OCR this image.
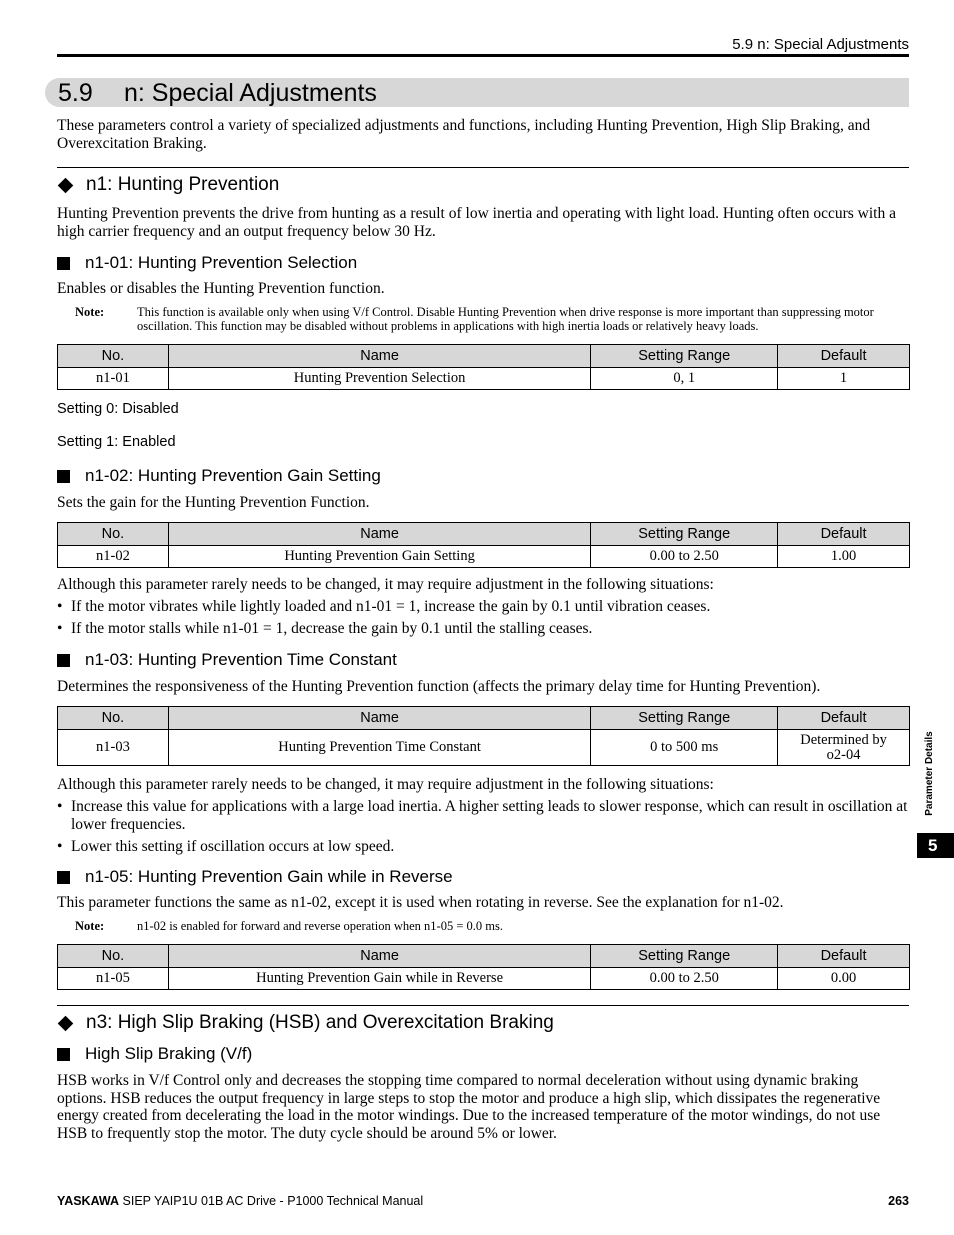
5.9 n: Special Adjustments
5.9 n: Special Adjustments
These parameters control a variety of specialized adjustments and functions, including Hunting Prevention, High Slip Braking, and Overexcitation Braking.
n1: Hunting Prevention
Hunting Prevention prevents the drive from hunting as a result of low inertia and operating with light load. Hunting often occurs with a high carrier frequency and an output frequency below 30 Hz.
n1-01: Hunting Prevention Selection
Enables or disables the Hunting Prevention function.
Note:	This function is available only when using V/f Control. Disable Hunting Prevention when drive response is more important than suppressing motor oscillation. This function may be disabled without problems in applications with high inertia loads or relatively heavy loads.
No.	Name	Setting Range	Default
n1-01	Hunting Prevention Selection	0, 1	1
Setting 0: Disabled
Setting 1: Enabled
n1-02: Hunting Prevention Gain Setting
Sets the gain for the Hunting Prevention Function.
No.	Name	Setting Range	Default
n1-02	Hunting Prevention Gain Setting	0.00 to 2.50	1.00
Although this parameter rarely needs to be changed, it may require adjustment in the following situations:
• If the motor vibrates while lightly loaded and n1-01 = 1, increase the gain by 0.1 until vibration ceases.
• If the motor stalls while n1-01 = 1, decrease the gain by 0.1 until the stalling ceases.
n1-03: Hunting Prevention Time Constant
Determines the responsiveness of the Hunting Prevention function (affects the primary delay time for Hunting Prevention).
No.	Name	Setting Range	Default
n1-03	Hunting Prevention Time Constant	0 to 500 ms	Determined by
o2-04
Although this parameter rarely needs to be changed, it may require adjustment in the following situations:
• Increase this value for applications with a large load inertia. A higher setting leads to slower response, which can result in oscillation at lower frequencies.
• Lower this setting if oscillation occurs at low speed.
n1-05: Hunting Prevention Gain while in Reverse
This parameter functions the same as n1-02, except it is used when rotating in reverse. See the explanation for n1-02.
Note:	n1-02 is enabled for forward and reverse operation when n1-05 = 0.0 ms.
No.	Name	Setting Range	Default
n1-05	Hunting Prevention Gain while in Reverse	0.00 to 2.50	0.00
n3: High Slip Braking (HSB) and Overexcitation Braking
High Slip Braking (V/f)
HSB works in V/f Control only and decreases the stopping time compared to normal deceleration without using dynamic braking options. HSB reduces the output frequency in large steps to stop the motor and produce a high slip, which dissipates the regenerative energy created from decelerating the load in the motor windings. Due to the increased temperature of the motor windings, do not use HSB to frequently stop the motor. The duty cycle should be around 5% or lower.
Parameter Details
5
YASKAWA SIEP YAIP1U 01B AC Drive - P1000 Technical Manual	263
